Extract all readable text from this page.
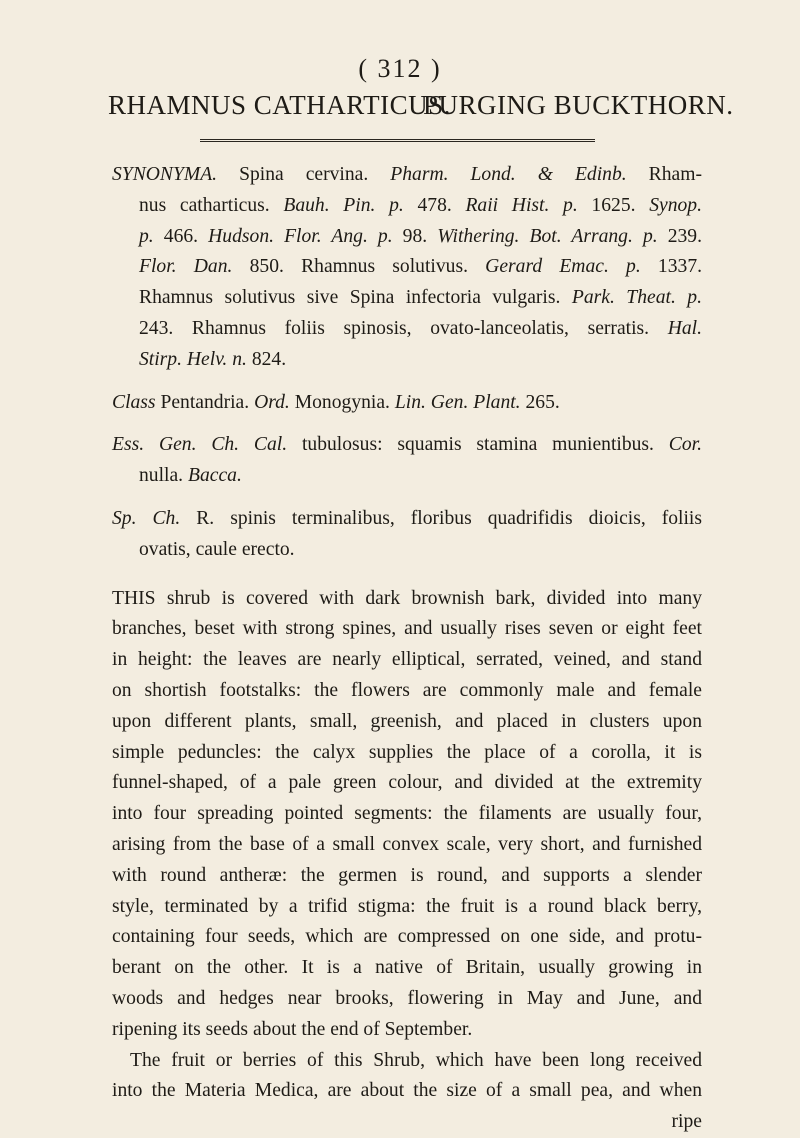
( 312 )
RHAMNUS CATHARTICUS.
PURGING BUCKTHORN.
SYNONYMA. Spina cervina. Pharm. Lond. & Edinb. Rham-
nus catharticus. Bauh. Pin. p. 478. Raii Hist. p. 1625. Synop.
p. 466. Hudson. Flor. Ang. p. 98. Withering. Bot. Arrang. p. 239.
Flor. Dan. 850. Rhamnus solutivus. Gerard Emac. p. 1337.
Rhamnus solutivus sive Spina infectoria vulgaris. Park. Theat. p.
243. Rhamnus foliis spinosis, ovato-lanceolatis, serratis. Hal.
Stirp. Helv. n. 824.
Class Pentandria. Ord. Monogynia. Lin. Gen. Plant. 265.
Ess. Gen. Ch. Cal. tubulosus: squamis stamina munientibus. Cor.
nulla. Bacca.
Sp. Ch. R. spinis terminalibus, floribus quadrifidis dioicis, foliis
ovatis, caule erecto.
THIS shrub is covered with dark brownish bark, divided into many
branches, beset with strong spines, and usually rises seven or eight feet
in height: the leaves are nearly elliptical, serrated, veined, and stand
on shortish footstalks: the flowers are commonly male and female
upon different plants, small, greenish, and placed in clusters upon
simple peduncles: the calyx supplies the place of a corolla, it is
funnel-shaped, of a pale green colour, and divided at the extremity
into four spreading pointed segments: the filaments are usually four,
arising from the base of a small convex scale, very short, and furnished
with round antheræ: the germen is round, and supports a slender
style, terminated by a trifid stigma: the fruit is a round black berry,
containing four seeds, which are compressed on one side, and protu-
berant on the other. It is a native of Britain, usually growing in
woods and hedges near brooks, flowering in May and June, and
ripening its seeds about the end of September.
The fruit or berries of this Shrub, which have been long received
into the Materia Medica, are about the size of a small pea, and when
ripe
